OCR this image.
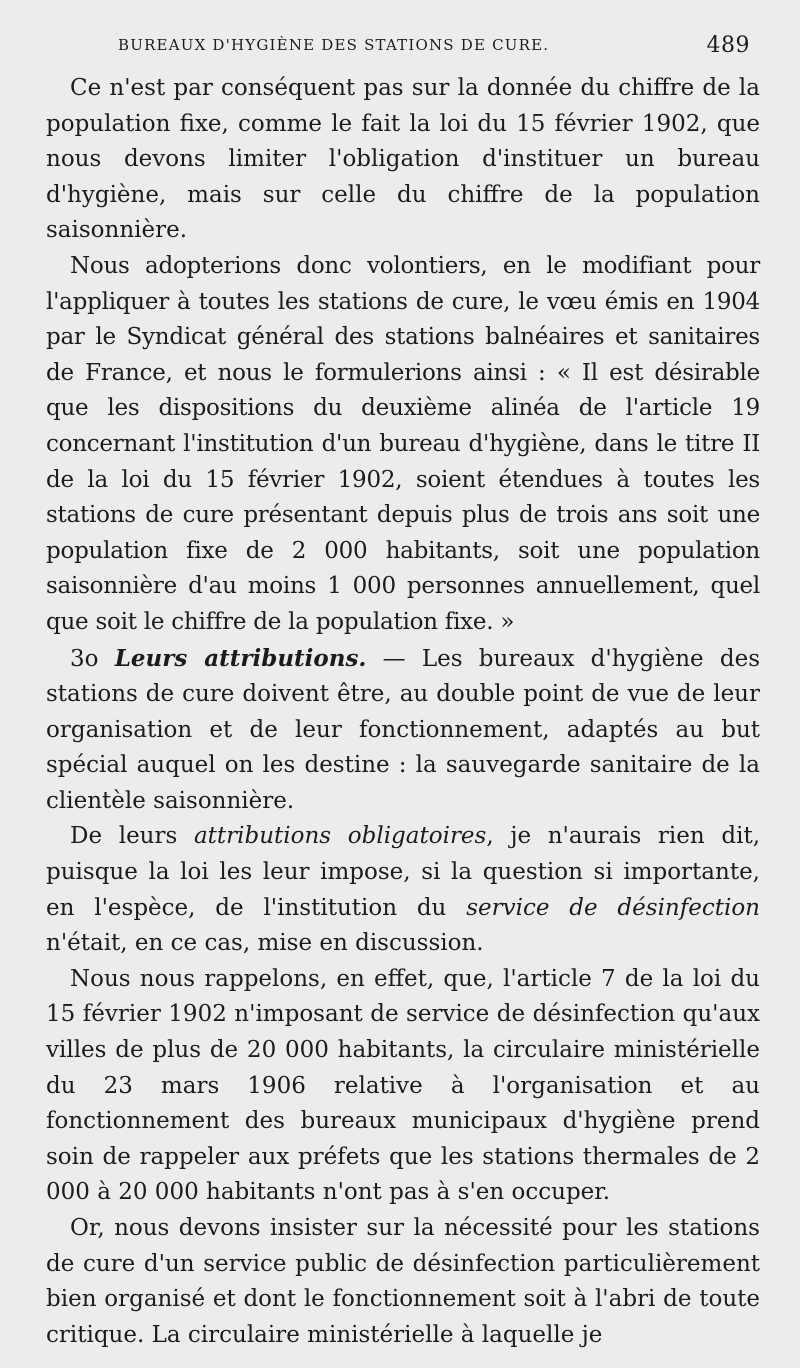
BUREAUX D'HYGIÈNE DES STATIONS DE CURE.	489

Ce n'est par conséquent pas sur la donnée du chiffre de la population fixe, comme le fait la loi du 15 février 1902, que nous devons limiter l'obligation d'instituer un bureau d'hygiène, mais sur celle du chiffre de la population saisonnière.

Nous adopterions donc volontiers, en le modifiant pour l'appliquer à toutes les stations de cure, le vœu émis en 1904 par le Syndicat général des stations balnéaires et sanitaires de France, et nous le formulerions ainsi : « Il est désirable que les dispositions du deuxième alinéa de l'article 19 concernant l'institution d'un bureau d'hygiène, dans le titre II de la loi du 15 février 1902, soient étendues à toutes les stations de cure présentant depuis plus de trois ans soit une population fixe de 2 000 habitants, soit une population saisonnière d'au moins 1 000 personnes annuellement, quel que soit le chiffre de la population fixe. »

3o Leurs attributions. — Les bureaux d'hygiène des stations de cure doivent être, au double point de vue de leur organisation et de leur fonctionnement, adaptés au but spécial auquel on les destine : la sauvegarde sanitaire de la clientèle saisonnière.

De leurs attributions obligatoires, je n'aurais rien dit, puisque la loi les leur impose, si la question si importante, en l'espèce, de l'institution du service de désinfection n'était, en ce cas, mise en discussion.

Nous nous rappelons, en effet, que, l'article 7 de la loi du 15 février 1902 n'imposant de service de désinfection qu'aux villes de plus de 20 000 habitants, la circulaire ministérielle du 23 mars 1906 relative à l'organisation et au fonctionnement des bureaux municipaux d'hygiène prend soin de rappeler aux préfets que les stations thermales de 2 000 à 20 000 habitants n'ont pas à s'en occuper.

Or, nous devons insister sur la nécessité pour les stations de cure d'un service public de désinfection particulièrement bien organisé et dont le fonctionnement soit à l'abri de toute critique. La circulaire ministérielle à laquelle je
